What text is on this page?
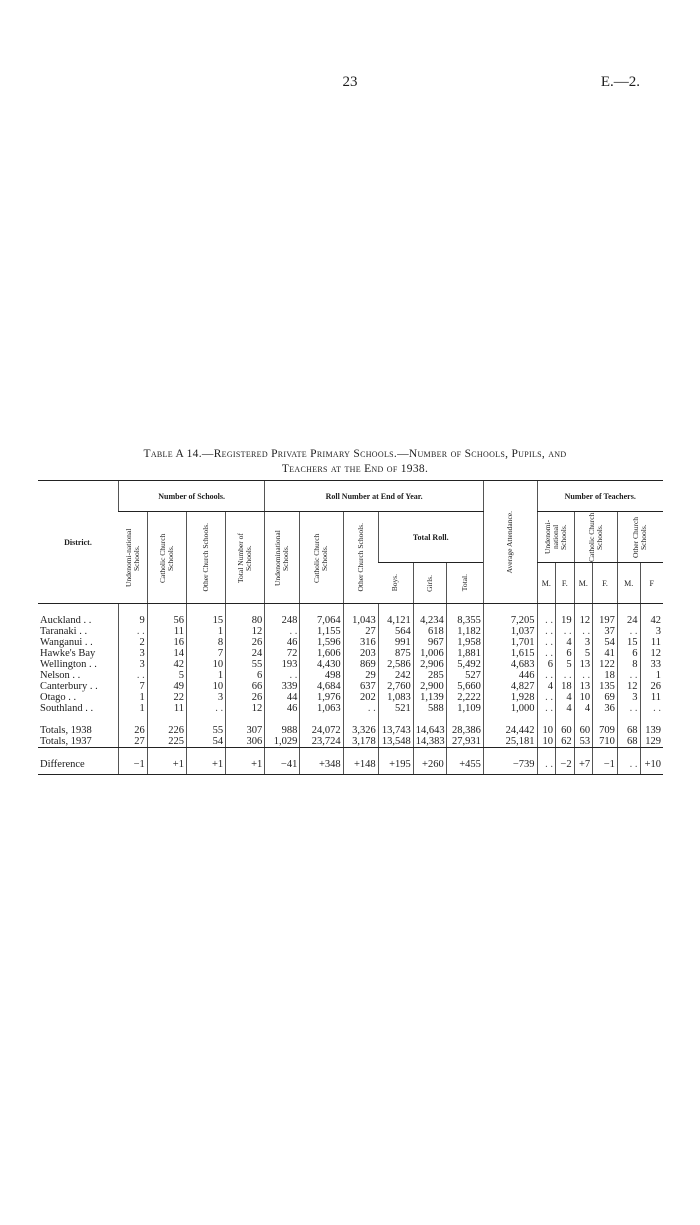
23	E.—2.
Table A 14.—Registered Private Primary Schools.—Number of Schools, Pupils, and
Teachers at the End of 1938.
District.	Number of Schools.				Roll Number at End of Year.						Average Attendance.	Number of Teachers.					

	Undenomi-national Schools.	Catholic Church Schools.	Other Church Schools.	Total Number of Schools.	Undenominational Schools.	Catholic Church Schools.	Other Church Schools.	Total Roll.				Undenomi-national Schools.		Catholic Church Schools.		Other Church Schools.	

								Boys.	Girls.	Total.		M.	F.	M.	F.	M.	F

Auckland . .	9	56	15	80	248	7,064	1,043	4,121	4,234	8,355	7,205	. .	19	12	197	24	42
Taranaki . .	. .	11	1	12	. .	1,155	27	564	618	1,182	1,037	. .	. .	. .	37	. .	3
Wanganui . .	2	16	8	26	46	1,596	316	991	967	1,958	1,701	. .	4	3	54	15	11
Hawke's Bay	3	14	7	24	72	1,606	203	875	1,006	1,881	1,615	. .	6	5	41	6	12
Wellington . .	3	42	10	55	193	4,430	869	2,586	2,906	5,492	4,683	6	5	13	122	8	33
Nelson . .	. .	5	1	6	. .	498	29	242	285	527	446	. .	. .	. .	18	. .	1
Canterbury . .	7	49	10	66	339	4,684	637	2,760	2,900	5,660	4,827	4	18	13	135	12	26
Otago . .	1	22	3	26	44	1,976	202	1,083	1,139	2,222	1,928	. .	4	10	69	3	11
Southland . .	1	11	. .	12	46	1,063	. .	521	588	1,109	1,000	. .	4	4	36	. .	. .

Totals, 1938	26	226	55	307	988	24,072	3,326	13,743	14,643	28,386	24,442	10	60	60	709	68	139
Totals, 1937	27	225	54	306	1,029	23,724	3,178	13,548	14,383	27,931	25,181	10	62	53	710	68	129

Difference	−1	+1	+1	+1	−41	+348	+148	+195	+260	+455	−739	. .	−2	+7	−1	. .	+10
